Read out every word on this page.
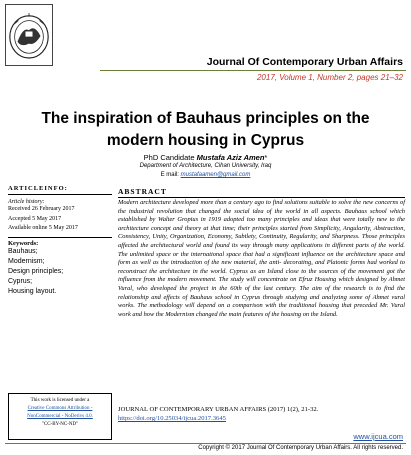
Journal Of Contemporary Urban Affairs
2017, Volume 1, Number 2, pages 21–32
The inspiration of Bauhaus principles on the modern housing in Cyprus
PhD Candidate Mustafa Aziz Amen*
Department of Architecture, Cihan University, Iraq
E mail: mustafaamen@gmail.com
ARTICLEINFO:
Article history:
Received 26 February 2017
Accepted 5 May 2017
Available online 5 May 2017
Keywords:
Bauhaus;
Modernism;
Design principles;
Cyprus;
Housing layout.
This work is licensed under a
Creative Commons Attribution - NonCommercial - NoDerivs 4.0.
"CC-BY-NC-ND"
ABSTRACT
Modern architecture developed more than a century ago to find solutions suitable to solve the new concerns of the industrial revolution that changed the social idea of the world in all aspects. Bauhaus school which established by Walter Gropius in 1919 adopted too many principles and ideas that were totally new to the architecture concept and theory at that time; their principles started from Simplicity, Angularity, Abstraction, Consistency, Unity, Organization, Economy, Subtlety, Continuity, Regularity, and Sharpness. Those principles affected the architectural world and found its way through many applications in different parts of the world. The unlimited space or the international space that had a significant influence on the architecture space and form as well as the introduction of the new material, the anti- decorating, and Platonic forms had worked to reconstruct the architecture in the world. Cyprus as an Island close to the sources of the movement got the influence from the modern movement. The study will concentrate on Efruz Housing which designed by Ahmet Vural, who developed the project in the 60th of the last century. The aim of the research is to find the relationship and effects of Bauhaus school in Cyprus through studying and analyzing some of Ahmet vural works. The methodology will depend on a comparison with the traditional housing that preceded Mr. Vural work and how the Modernism changed the main features of the housing on the Island.
JOURNAL OF CONTEMPORARY URBAN AFFAIRS (2017) 1(2), 21-32.
https://doi.org/10.25034/ijcua.2017.3645
www.ijcua.com
Copyright © 2017 Journal Of Contemporary Urban Affairs. All rights reserved.
